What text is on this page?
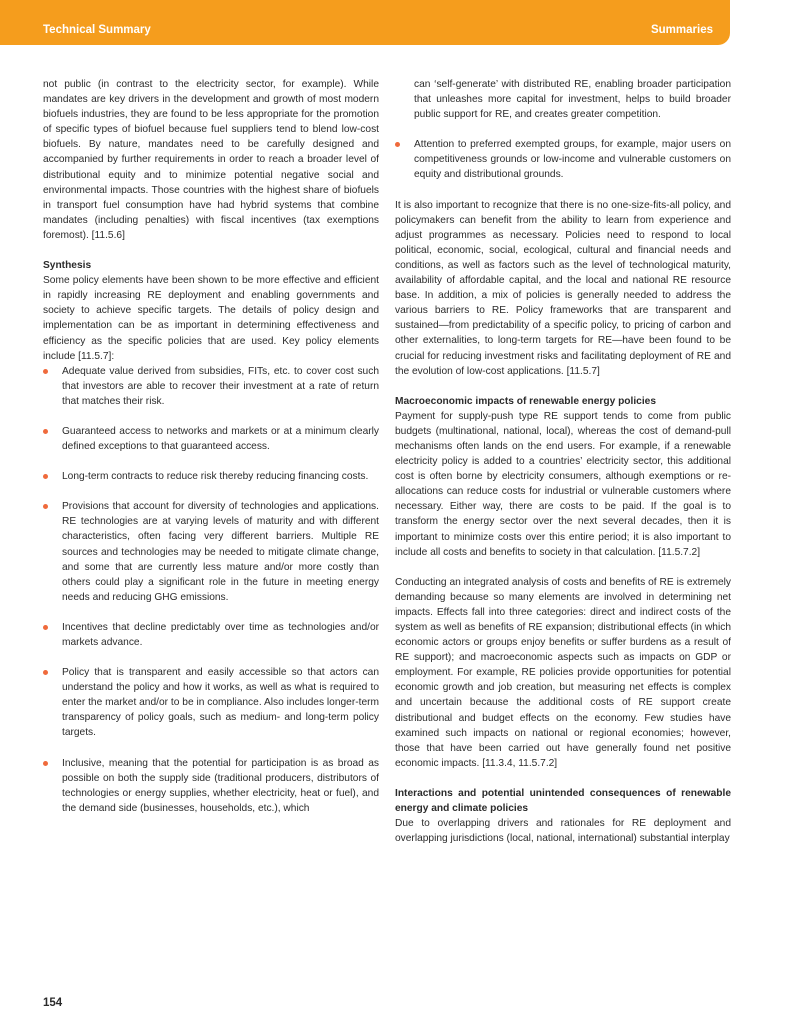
Technical Summary	Summaries

not public (in contrast to the electricity sector, for example). While mandates are key drivers in the development and growth of most modern biofuels industries, they are found to be less appropriate for the promotion of specific types of biofuel because fuel suppliers tend to blend low-cost biofuels. By nature, mandates need to be carefully designed and accompanied by further requirements in order to reach a broader level of distributional equity and to minimize potential negative social and environmental impacts. Those countries with the highest share of biofuels in transport fuel consumption have had hybrid systems that combine mandates (including penalties) with fiscal incentives (tax exemptions foremost). [11.5.6]

Synthesis

Some policy elements have been shown to be more effective and efficient in rapidly increasing RE deployment and enabling governments and society to achieve specific targets. The details of policy design and implementation can be as important in determining effectiveness and efficiency as the specific policies that are used. Key policy elements include [11.5.7]:

Adequate value derived from subsidies, FITs, etc. to cover cost such that investors are able to recover their investment at a rate of return that matches their risk.
Guaranteed access to networks and markets or at a minimum clearly defined exceptions to that guaranteed access.
Long-term contracts to reduce risk thereby reducing financing costs.
Provisions that account for diversity of technologies and applications. RE technologies are at varying levels of maturity and with different characteristics, often facing very different barriers. Multiple RE sources and technologies may be needed to mitigate climate change, and some that are currently less mature and/or more costly than others could play a significant role in the future in meeting energy needs and reducing GHG emissions.
Incentives that decline predictably over time as technologies and/or markets advance.
Policy that is transparent and easily accessible so that actors can understand the policy and how it works, as well as what is required to enter the market and/or to be in compliance. Also includes longer-term transparency of policy goals, such as medium- and long-term policy targets.
Inclusive, meaning that the potential for participation is as broad as possible on both the supply side (traditional producers, distributors of technologies or energy supplies, whether electricity, heat or fuel), and the demand side (businesses, households, etc.), which
can ‘self-generate’ with distributed RE, enabling broader participation that unleashes more capital for investment, helps to build broader public support for RE, and creates greater competition.
Attention to preferred exempted groups, for example, major users on competitiveness grounds or low-income and vulnerable customers on equity and distributional grounds.

It is also important to recognize that there is no one-size-fits-all policy, and policymakers can benefit from the ability to learn from experience and adjust programmes as necessary. Policies need to respond to local political, economic, social, ecological, cultural and financial needs and conditions, as well as factors such as the level of technological maturity, availability of affordable capital, and the local and national RE resource base. In addition, a mix of policies is generally needed to address the various barriers to RE. Policy frameworks that are transparent and sustained—from predictability of a specific policy, to pricing of carbon and other externalities, to long-term targets for RE—have been found to be crucial for reducing investment risks and facilitating deployment of RE and the evolution of low-cost applications. [11.5.7]

Macroeconomic impacts of renewable energy policies

Payment for supply-push type RE support tends to come from public budgets (multinational, national, local), whereas the cost of demand-pull mechanisms often lands on the end users. For example, if a renewable electricity policy is added to a countries’ electricity sector, this additional cost is often borne by electricity consumers, although exemptions or re-allocations can reduce costs for industrial or vulnerable customers where necessary. Either way, there are costs to be paid. If the goal is to transform the energy sector over the next several decades, then it is important to minimize costs over this entire period; it is also important to include all costs and benefits to society in that calculation. [11.5.7.2]

Conducting an integrated analysis of costs and benefits of RE is extremely demanding because so many elements are involved in determining net impacts. Effects fall into three categories: direct and indirect costs of the system as well as benefits of RE expansion; distributional effects (in which economic actors or groups enjoy benefits or suffer burdens as a result of RE support); and macroeconomic aspects such as impacts on GDP or employment. For example, RE policies provide opportunities for potential economic growth and job creation, but measuring net effects is complex and uncertain because the additional costs of RE support create distributional and budget effects on the economy. Few studies have examined such impacts on national or regional economies; however, those that have been carried out have generally found net positive economic impacts. [11.3.4, 11.5.7.2]

Interactions and potential unintended consequences of renewable energy and climate policies

Due to overlapping drivers and rationales for RE deployment and overlapping jurisdictions (local, national, international) substantial interplay

154
